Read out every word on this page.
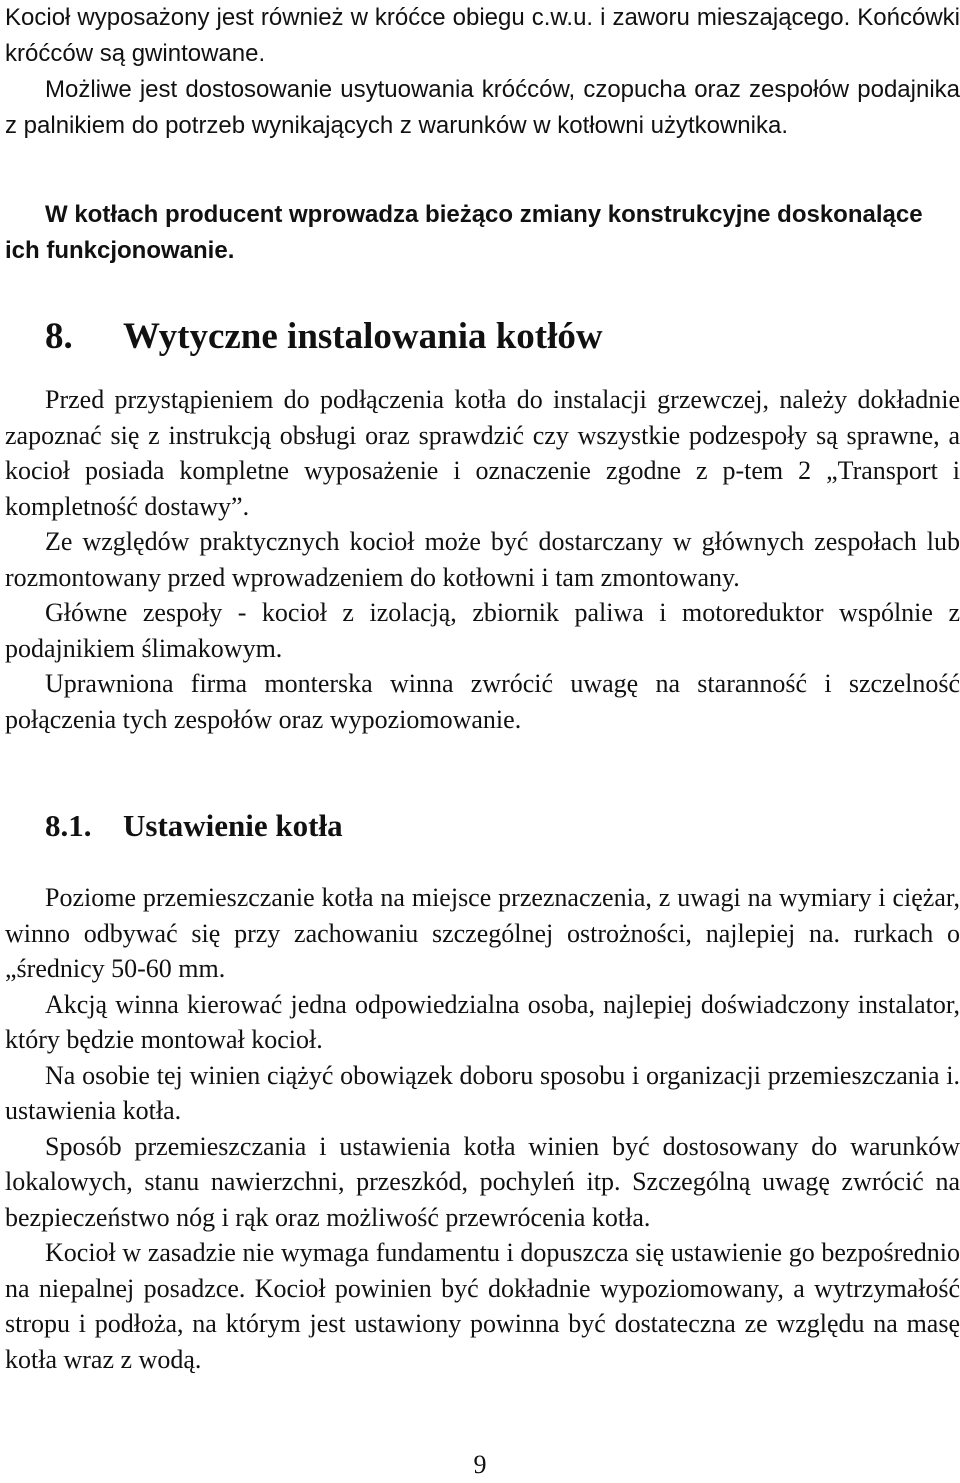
Kocioł wyposażony jest również w króćce obiegu c.w.u. i zaworu mieszającego. Końcówki króćców są gwintowane.

Możliwe jest dostosowanie usytuowania króćców, czopucha oraz zespołów podajnika z palnikiem do potrzeb wynikających z warunków w kotłowni użytkownika.

W kotłach producent wprowadza bieżąco zmiany konstrukcyjne doskonalące ich funkcjonowanie.

8. Wytyczne instalowania kotłów

Przed przystąpieniem do podłączenia kotła do instalacji grzewczej, należy dokładnie zapoznać się z instrukcją obsługi oraz sprawdzić czy wszystkie podzespoły są sprawne, a kocioł posiada kompletne wyposażenie i oznaczenie zgodne z p-tem 2 „Transport i kompletność dostawy”.

Ze względów praktycznych kocioł może być dostarczany w głównych zespołach lub rozmontowany przed wprowadzeniem do kotłowni i tam zmontowany.

Główne zespoły - kocioł z izolacją, zbiornik paliwa i motoreduktor wspólnie z podajnikiem ślimakowym.

Uprawniona firma monterska winna zwrócić uwagę na staranność i szczelność połączenia tych zespołów oraz wypoziomowanie.

8.1. Ustawienie kotła

Poziome przemieszczanie kotła na miejsce przeznaczenia, z uwagi na wymiary i ciężar, winno odbywać się przy zachowaniu szczególnej ostrożności, najlepiej na. rurkach o „średnicy 50-60 mm.

Akcją winna kierować jedna odpowiedzialna osoba, najlepiej doświadczony instalator, który będzie montował kocioł.

Na osobie tej winien ciążyć obowiązek doboru sposobu i organizacji przemieszczania i. ustawienia kotła.

Sposób przemieszczania i ustawienia kotła winien być dostosowany do warunków lokalowych, stanu nawierzchni, przeszkód, pochyleń itp. Szczególną uwagę zwrócić na bezpieczeństwo nóg i rąk oraz możliwość przewrócenia kotła.

Kocioł w zasadzie nie wymaga fundamentu i dopuszcza się ustawienie go bezpośrednio na niepalnej posadzce. Kocioł powinien być dokładnie wypoziomowany, a wytrzymałość stropu i podłoża, na którym jest ustawiony powinna być dostateczna ze względu na masę kotła wraz z wodą.

9
